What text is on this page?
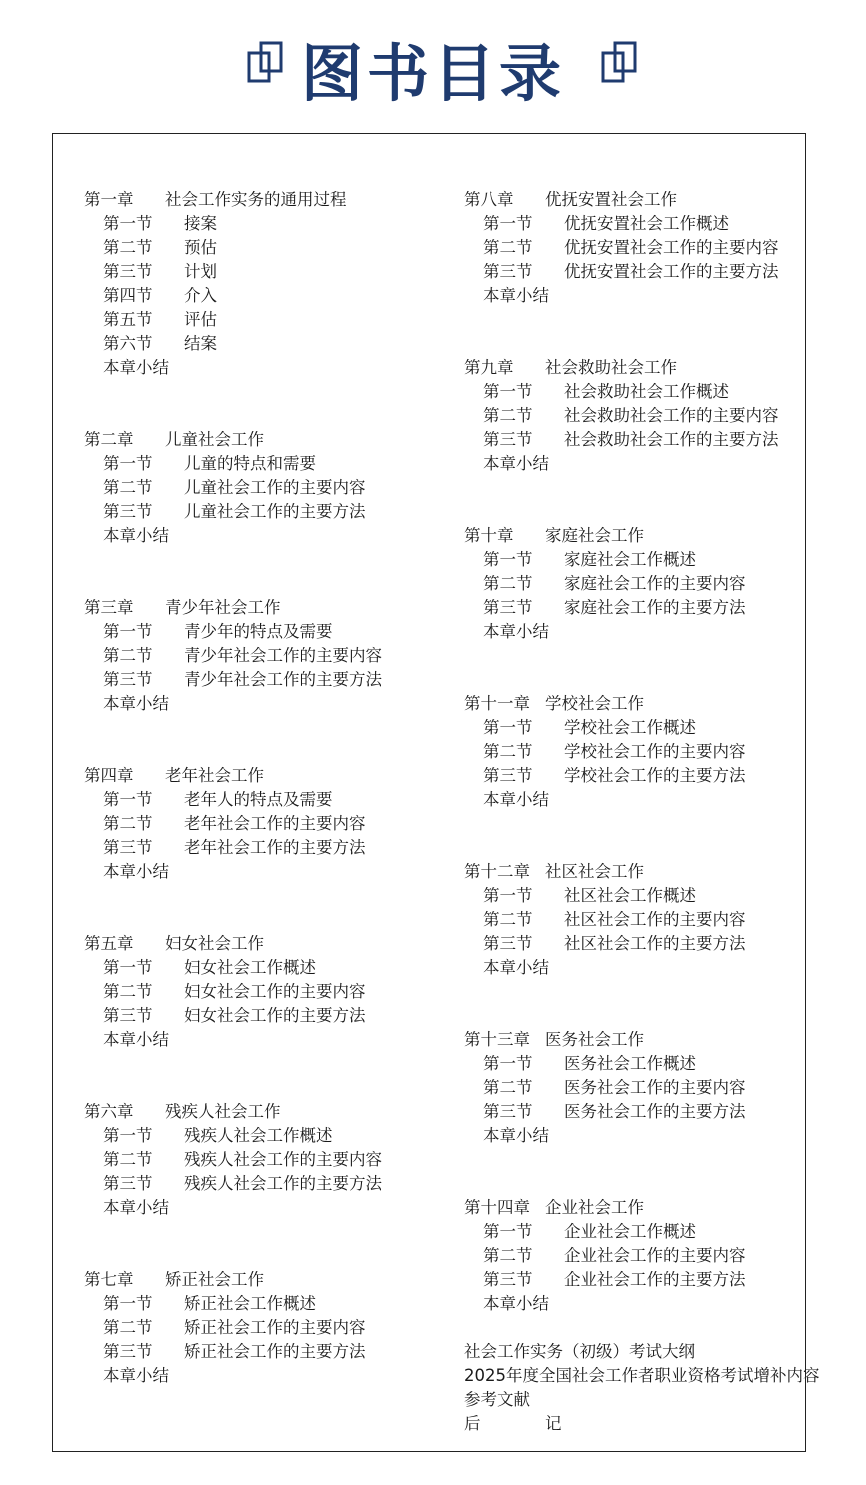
图书目录
第一章 社会工作实务的通用过程
第一节 接案
第二节 预估
第三节 计划
第四节 介入
第五节 评估
第六节 结案
本章小结
第二章 儿童社会工作
第一节 儿童的特点和需要
第二节 儿童社会工作的主要内容
第三节 儿童社会工作的主要方法
本章小结
第三章 青少年社会工作
第一节 青少年的特点及需要
第二节 青少年社会工作的主要内容
第三节 青少年社会工作的主要方法
本章小结
第四章 老年社会工作
第一节 老年人的特点及需要
第二节 老年社会工作的主要内容
第三节 老年社会工作的主要方法
本章小结
第五章 妇女社会工作
第一节 妇女社会工作概述
第二节 妇女社会工作的主要内容
第三节 妇女社会工作的主要方法
本章小结
第六章 残疾人社会工作
第一节 残疾人社会工作概述
第二节 残疾人社会工作的主要内容
第三节 残疾人社会工作的主要方法
本章小结
第七章 矫正社会工作
第一节 矫正社会工作概述
第二节 矫正社会工作的主要内容
第三节 矫正社会工作的主要方法
本章小结
第八章 优抚安置社会工作
第一节 优抚安置社会工作概述
第二节 优抚安置社会工作的主要内容
第三节 优抚安置社会工作的主要方法
本章小结
第九章 社会救助社会工作
第一节 社会救助社会工作概述
第二节 社会救助社会工作的主要内容
第三节 社会救助社会工作的主要方法
本章小结
第十章 家庭社会工作
第一节 家庭社会工作概述
第二节 家庭社会工作的主要内容
第三节 家庭社会工作的主要方法
本章小结
第十一章 学校社会工作
第一节 学校社会工作概述
第二节 学校社会工作的主要内容
第三节 学校社会工作的主要方法
本章小结
第十二章 社区社会工作
第一节 社区社会工作概述
第二节 社区社会工作的主要内容
第三节 社区社会工作的主要方法
本章小结
第十三章 医务社会工作
第一节 医务社会工作概述
第二节 医务社会工作的主要内容
第三节 医务社会工作的主要方法
本章小结
第十四章 企业社会工作
第一节 企业社会工作概述
第二节 企业社会工作的主要内容
第三节 企业社会工作的主要方法
本章小结
社会工作实务（初级）考试大纲
2025年度全国社会工作者职业资格考试增补内容
参考文献
后	记
